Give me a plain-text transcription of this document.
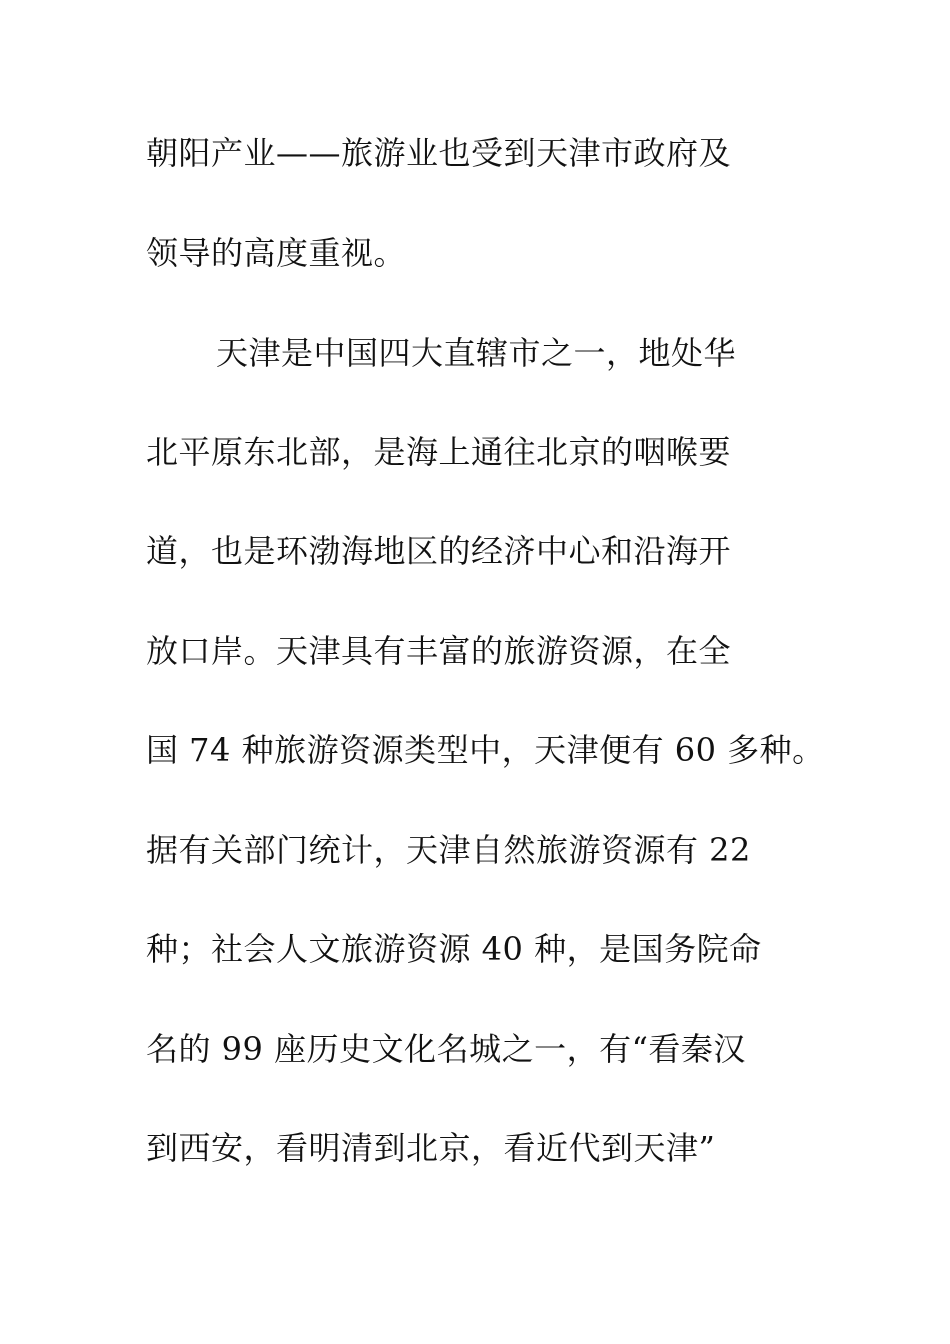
朝阳产业——旅游业也受到天津市政府及

领导的高度重视。

天津是中国四大直辖市之一，地处华

北平原东北部，是海上通往北京的咽喉要

道，也是环渤海地区的经济中心和沿海开

放口岸。天津具有丰富的旅游资源，在全

国 74 种旅游资源类型中，天津便有 60 多种。

据有关部门统计，天津自然旅游资源有 22

种；社会人文旅游资源 40 种，是国务院命

名的 99 座历史文化名城之一，有“看秦汉

到西安，看明清到北京，看近代到天津”
